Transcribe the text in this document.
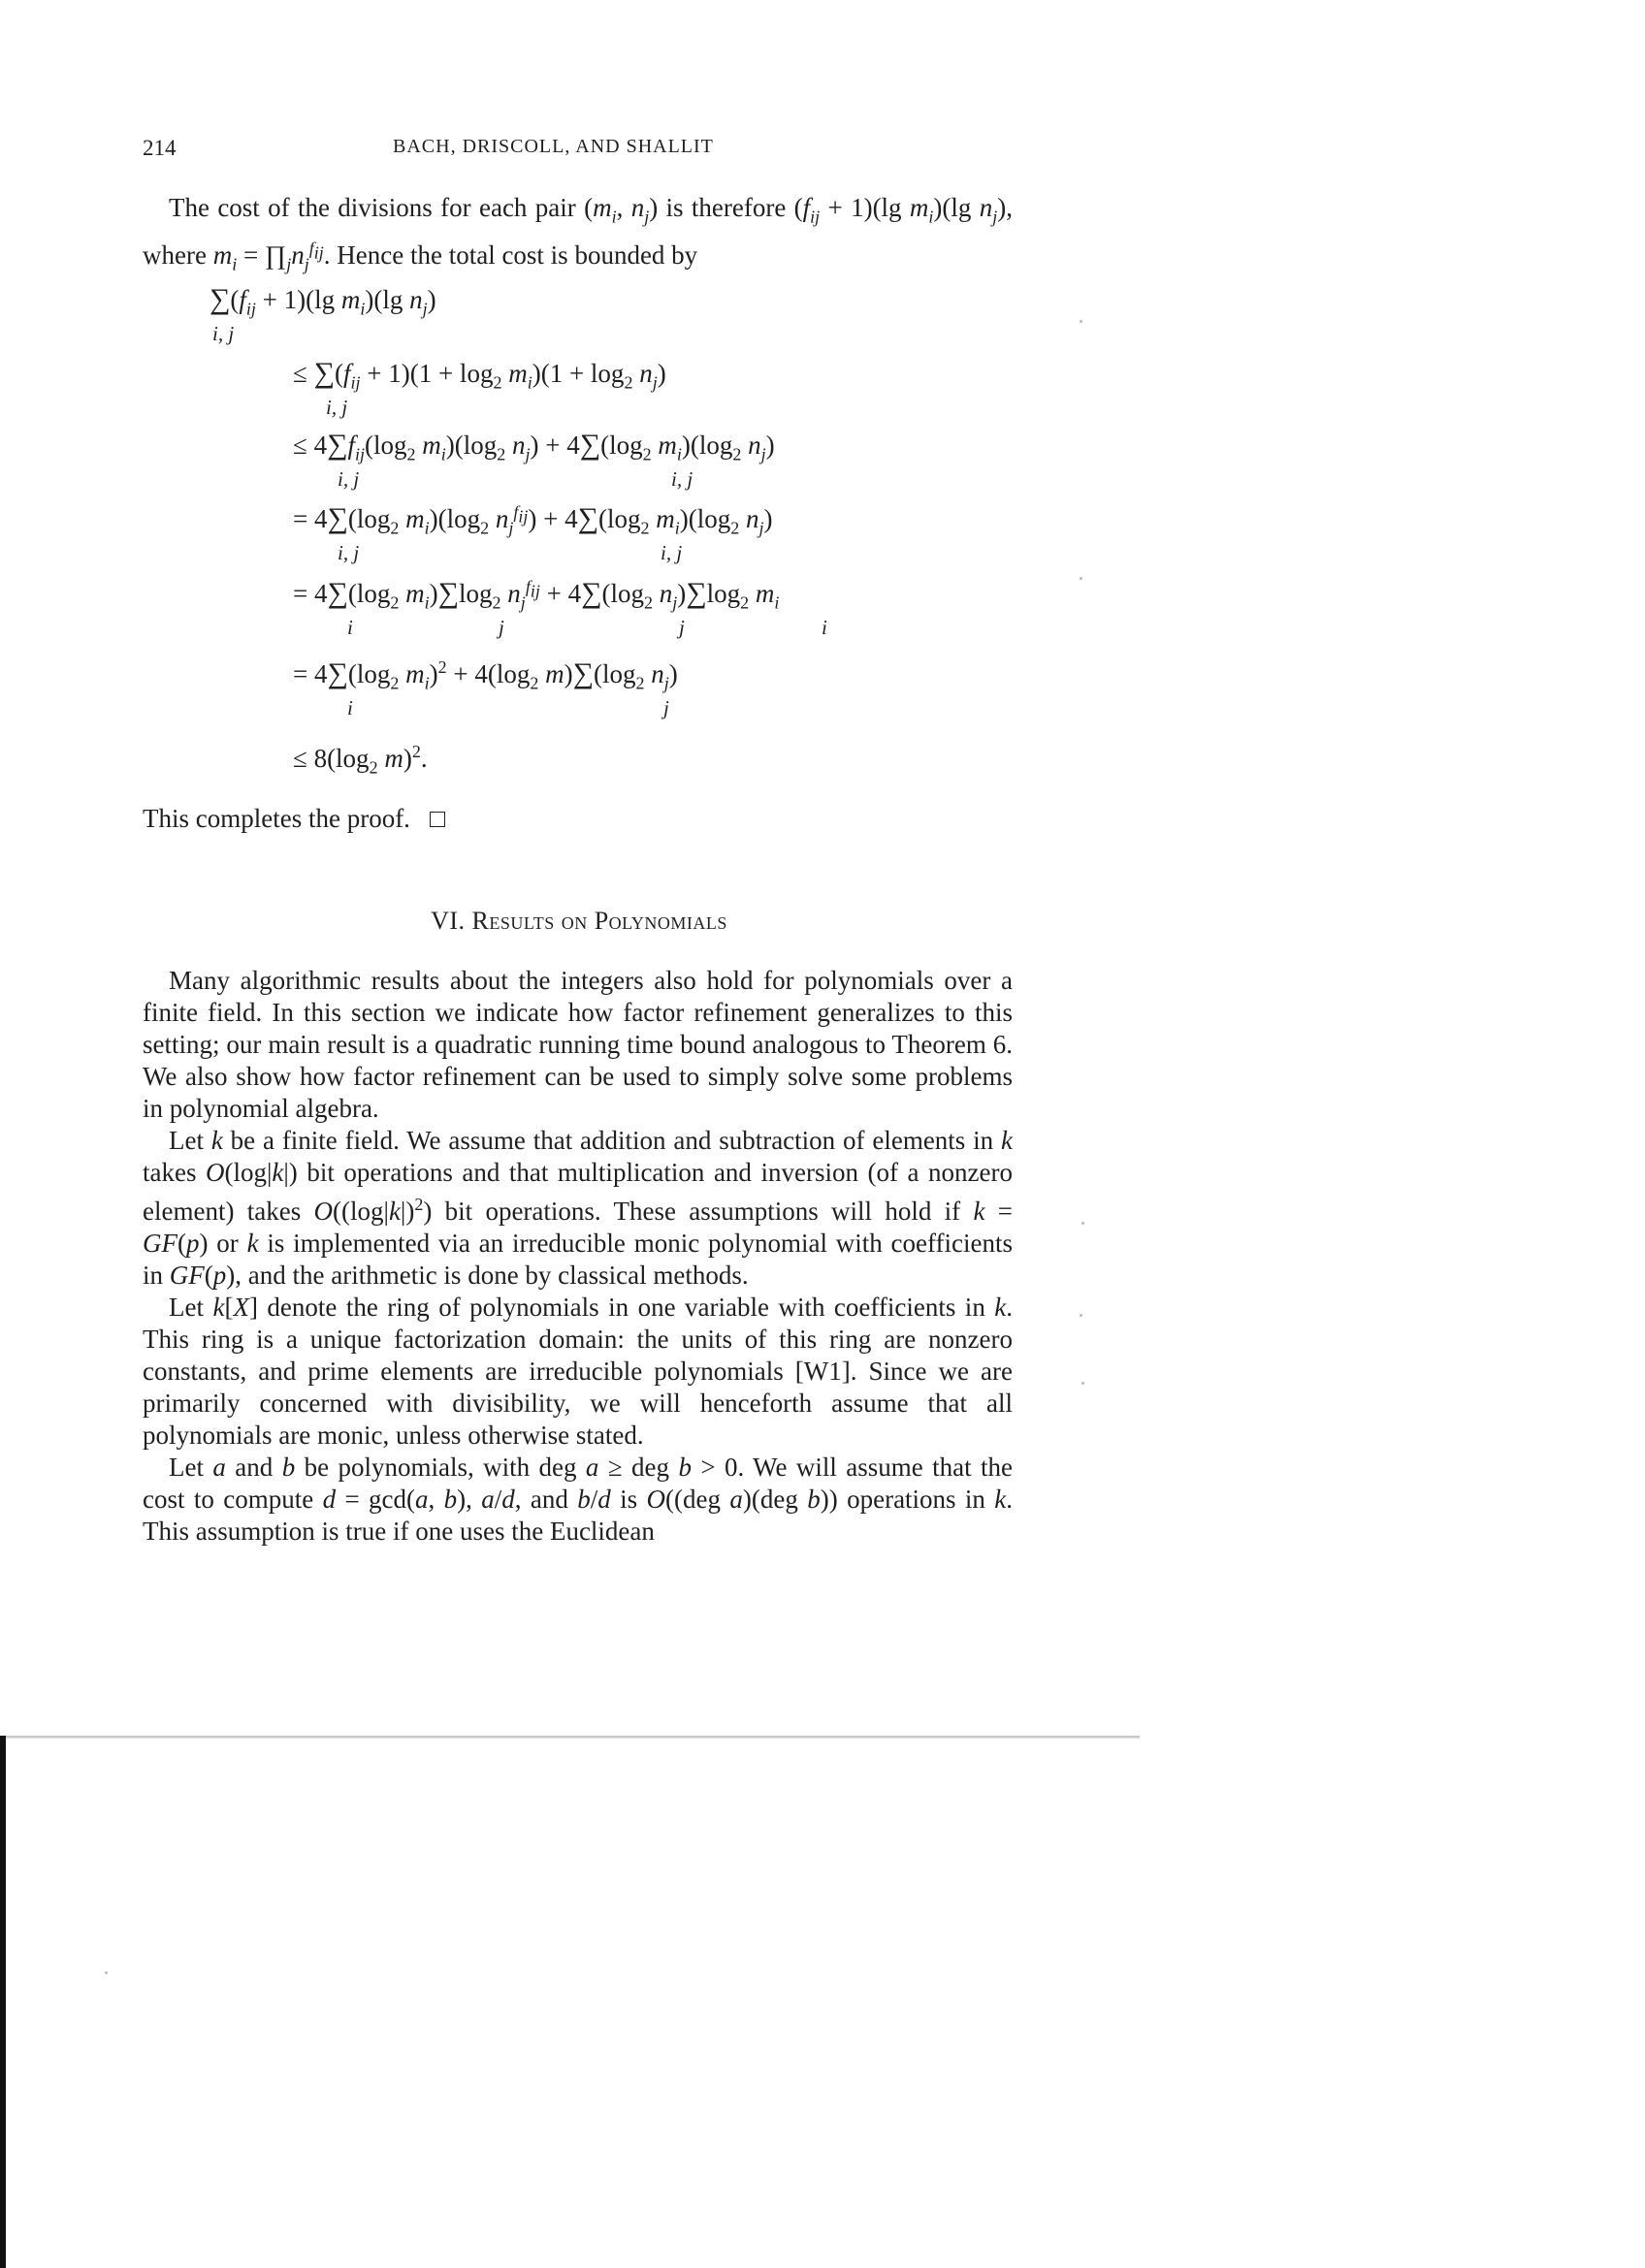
214	BACH, DRISCOLL, AND SHALLIT

The cost of the divisions for each pair ($m_i$, $n_j$) is therefore $(f_{ij} + 1)(\lg$ $m_i)(\lg$ $n_j$), where $m_i$ = $\prod_jn_j^{f_{ij}}$. Hence the total cost is bounded by

$\sum(f_{ij} + 1)(\lg$ $m_i)(\lg$ $n_j$)
i, j
≤ $\sum(f_{ij} + 1)(1 + \log_2 m_i)(1 + \log_2 n_j)$
i, j
≤ $4\sum f_{ij}(\log_2$ $m_i)(\log_2$ $n_j) + 4\sum(\log_2$ $m_i)(\log_2$ $n_j$)
i, j	i, j
= $4\sum(\log_2$ $m_i)(\log_2$ $n_j^{f_{ij}}) + 4\sum(\log_2$ $m_i)(\log_2$ $n_j$)
i, j	i, j
= $4\sum(\log_2$ $m_i)\sum\log_2$ $n_j^{f_{ij}} + 4\sum(\log_2$ $n_j)\sum\log_2$ $m_i$
i	j	j	i
= $4\sum(\log_2$ $m_i)^2 + 4(\log_2$ $m)\sum(\log_2$ $n_j$)
i	j
≤ $8(\log_2$ m)$^2$.

This completes the proof.

VI. Results on Polynomials

Many algorithmic results about the integers also hold for polynomials over a finite field. In this section we indicate how factor refinement generalizes to this setting; our main result is a quadratic running time bound analogous to Theorem 6. We also show how factor refinement can be used to simply solve some problems in polynomial algebra.

Let k be a finite field. We assume that addition and subtraction of elements in k takes O(log|k|) bit operations and that multiplication and inversion (of a nonzero element) takes $O((\log|k|)^2)$ bit operations. These assumptions will hold if k = GF(p) or k is implemented via an irreducible monic polynomial with coefficients in GF(p), and the arithmetic is done by classical methods.

Let k[X] denote the ring of polynomials in one variable with coefficients in k. This ring is a unique factorization domain: the units of this ring are nonzero constants, and prime elements are irreducible polynomials [W1]. Since we are primarily concerned with divisibility, we will henceforth assume that all polynomials are monic, unless otherwise stated.

Let a and b be polynomials, with deg a ≥ deg b > 0. We will assume that the cost to compute d = gcd(a, b), a/d, and b/d is O((deg a)(deg b)) operations in k. This assumption is true if one uses the Euclidean
